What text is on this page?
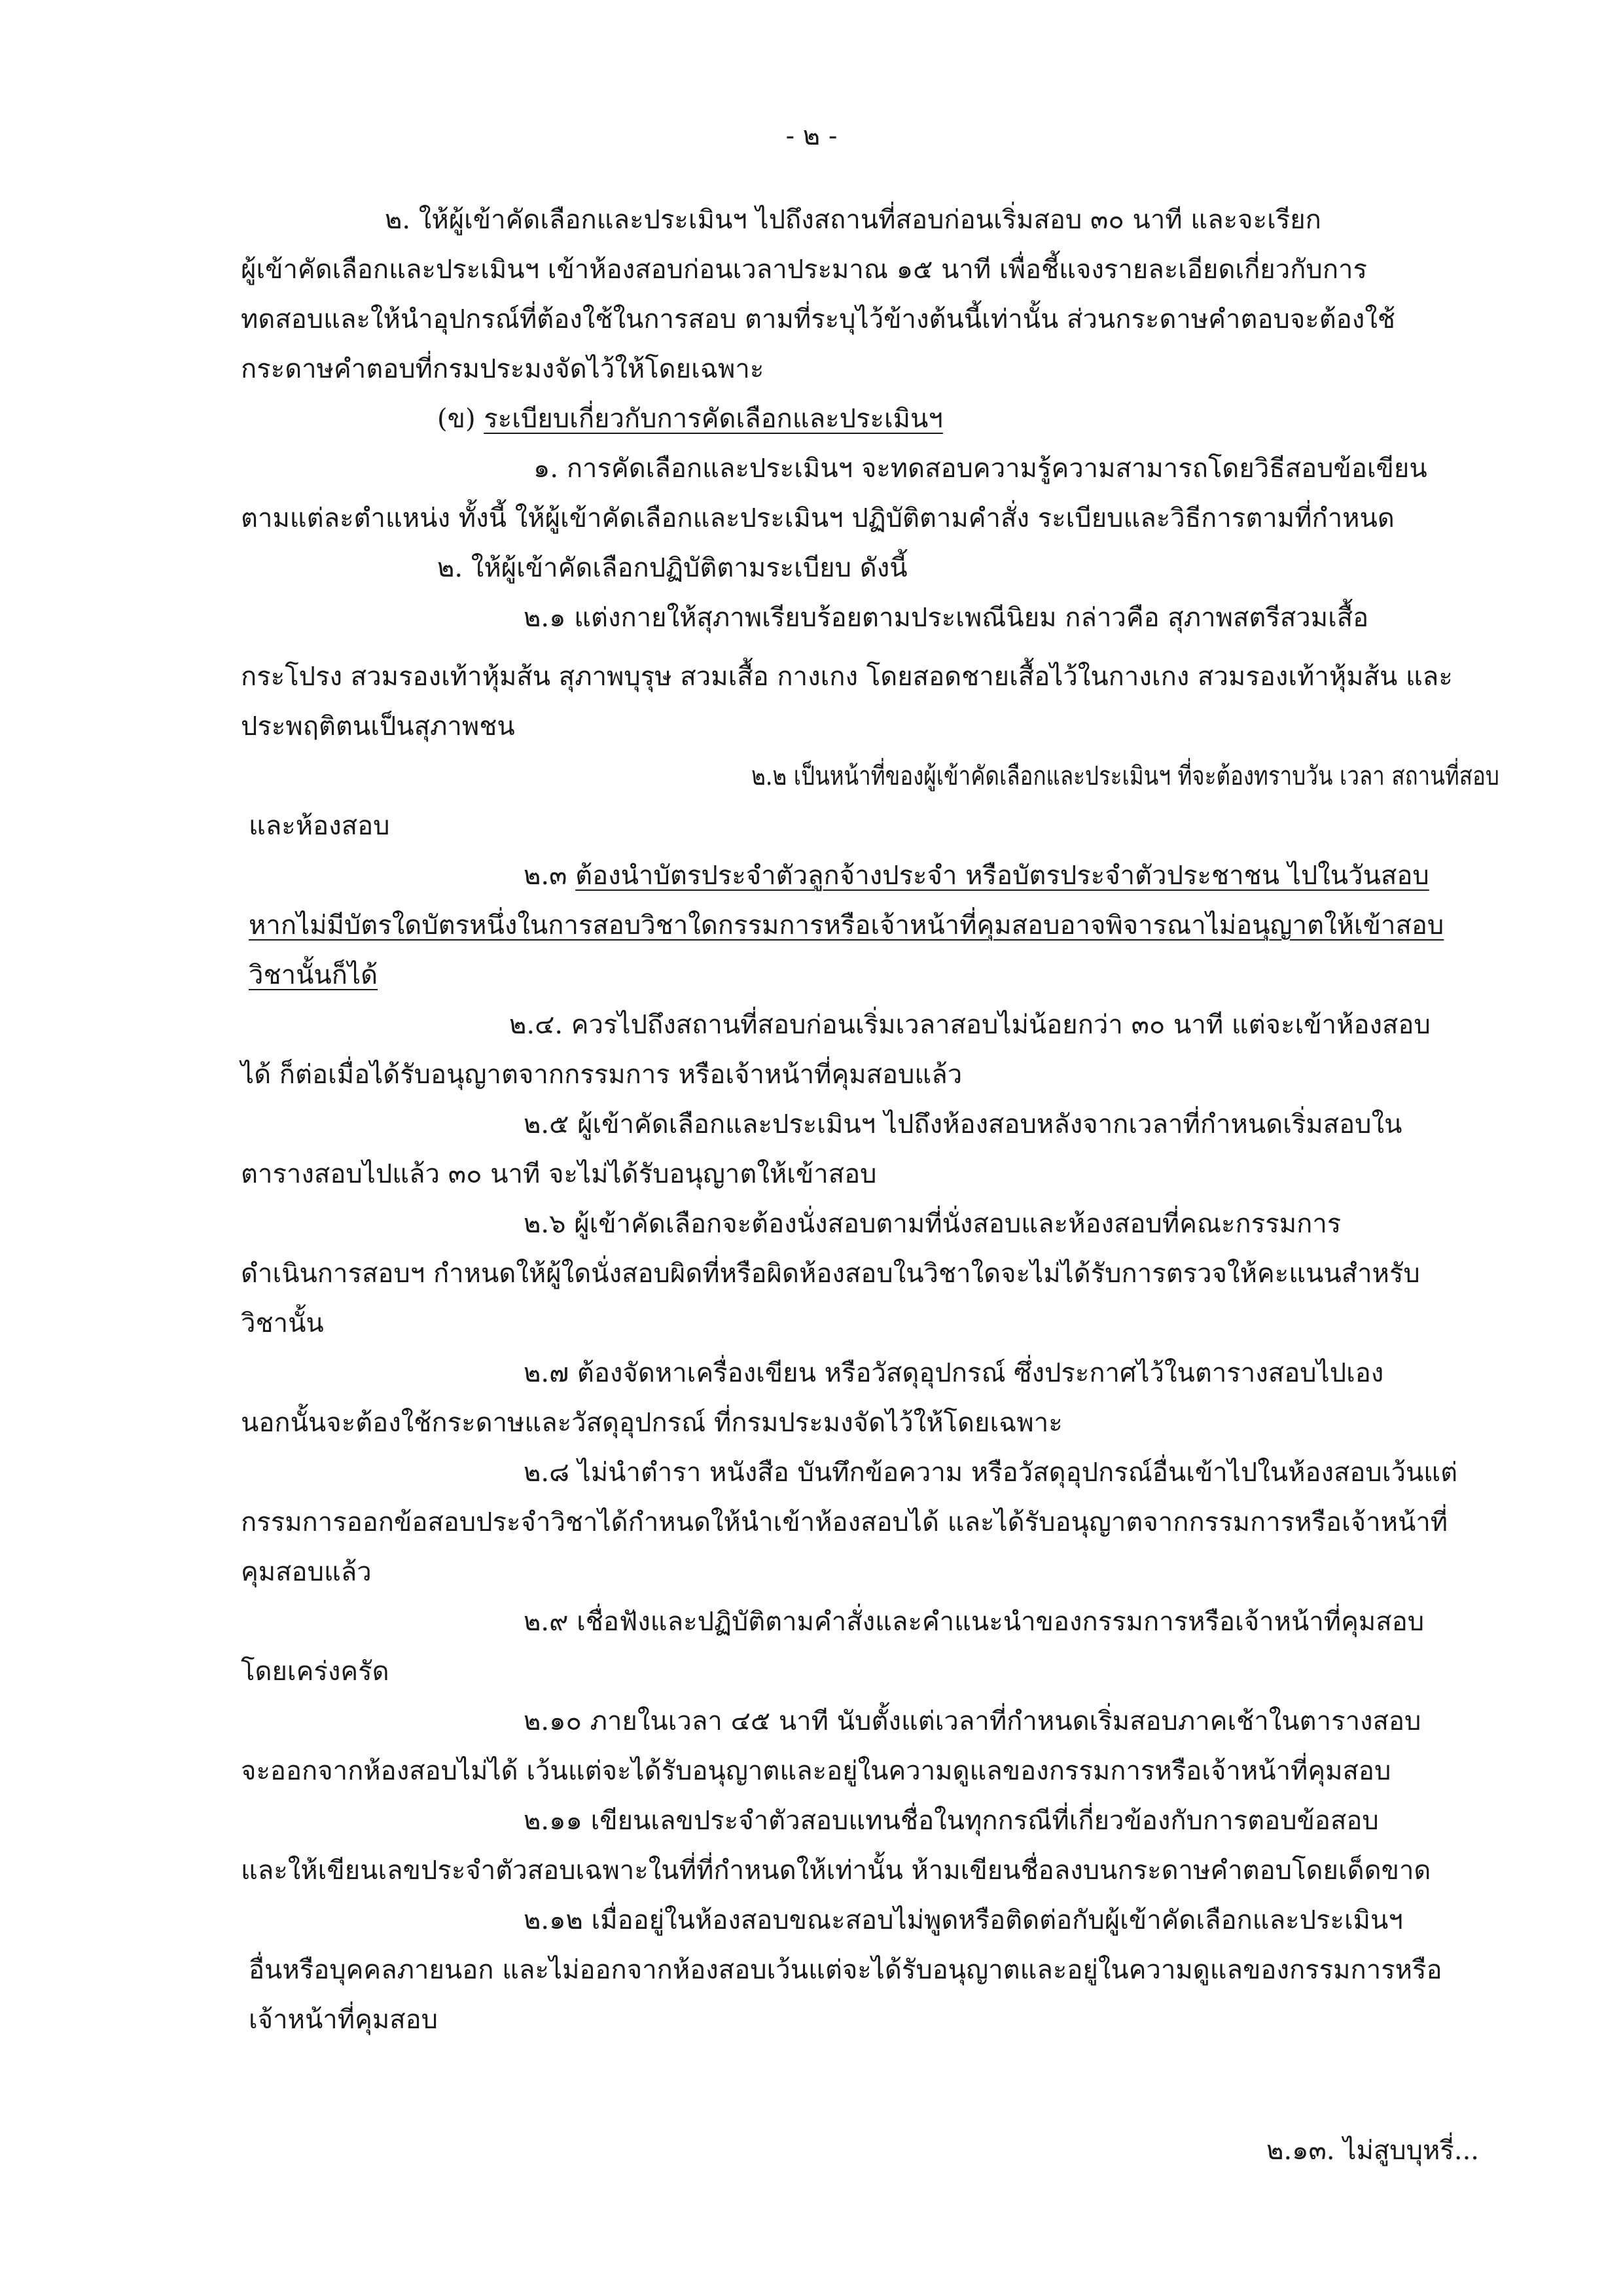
- ๒ -
๒. ให้ผู้เข้าคัดเลือกและประเมินฯ ไปถึงสถานที่สอบก่อนเริ่มสอบ ๓๐ นาที และจะเรียก
ผู้เข้าคัดเลือกและประเมินฯ เข้าห้องสอบก่อนเวลาประมาณ ๑๕ นาที เพื่อชี้แจงรายละเอียดเกี่ยวกับการ
ทดสอบและให้นำอุปกรณ์ที่ต้องใช้ในการสอบ ตามที่ระบุไว้ข้างต้นนี้เท่านั้น ส่วนกระดาษคำตอบจะต้องใช้
กระดาษคำตอบที่กรมประมงจัดไว้ให้โดยเฉพาะ
(ข) ระเบียบเกี่ยวกับการคัดเลือกและประเมินฯ
๑. การคัดเลือกและประเมินฯ จะทดสอบความรู้ความสามารถโดยวิธีสอบข้อเขียน
ตามแต่ละตำแหน่ง ทั้งนี้ ให้ผู้เข้าคัดเลือกและประเมินฯ ปฏิบัติตามคำสั่ง ระเบียบและวิธีการตามที่กำหนด
๒. ให้ผู้เข้าคัดเลือกปฏิบัติตามระเบียบ ดังนี้
๒.๑ แต่งกายให้สุภาพเรียบร้อยตามประเพณีนิยม กล่าวคือ สุภาพสตรีสวมเสื้อ
กระโปรง สวมรองเท้าหุ้มส้น สุภาพบุรุษ สวมเสื้อ กางเกง โดยสอดชายเสื้อไว้ในกางเกง สวมรองเท้าหุ้มส้น และ
ประพฤติตนเป็นสุภาพชน
๒.๒ เป็นหน้าที่ของผู้เข้าคัดเลือกและประเมินฯ ที่จะต้องทราบวัน เวลา สถานที่สอบ
และห้องสอบ
๒.๓ ต้องนำบัตรประจำตัวลูกจ้างประจำ หรือบัตรประจำตัวประชาชน ไปในวันสอบ
หากไม่มีบัตรใดบัตรหนึ่งในการสอบวิชาใดกรรมการหรือเจ้าหน้าที่คุมสอบอาจพิจารณาไม่อนุญาตให้เข้าสอบ
วิชานั้นก็ได้
๒.๔. ควรไปถึงสถานที่สอบก่อนเริ่มเวลาสอบไม่น้อยกว่า ๓๐ นาที แต่จะเข้าห้องสอบ
ได้ ก็ต่อเมื่อได้รับอนุญาตจากกรรมการ หรือเจ้าหน้าที่คุมสอบแล้ว
๒.๕ ผู้เข้าคัดเลือกและประเมินฯ ไปถึงห้องสอบหลังจากเวลาที่กำหนดเริ่มสอบใน
ตารางสอบไปแล้ว ๓๐ นาที จะไม่ได้รับอนุญาตให้เข้าสอบ
๒.๖ ผู้เข้าคัดเลือกจะต้องนั่งสอบตามที่นั่งสอบและห้องสอบที่คณะกรรมการ
ดำเนินการสอบฯ กำหนดให้ผู้ใดนั่งสอบผิดที่หรือผิดห้องสอบในวิชาใดจะไม่ได้รับการตรวจให้คะแนนสำหรับ
วิชานั้น
๒.๗ ต้องจัดหาเครื่องเขียน หรือวัสดุอุปกรณ์ ซึ่งประกาศไว้ในตารางสอบไปเอง
นอกนั้นจะต้องใช้กระดาษและวัสดุอุปกรณ์ ที่กรมประมงจัดไว้ให้โดยเฉพาะ
๒.๘ ไม่นำตำรา หนังสือ บันทึกข้อความ หรือวัสดุอุปกรณ์อื่นเข้าไปในห้องสอบเว้นแต่
กรรมการออกข้อสอบประจำวิชาได้กำหนดให้นำเข้าห้องสอบได้ และได้รับอนุญาตจากกรรมการหรือเจ้าหน้าที่
คุมสอบแล้ว
๒.๙ เชื่อฟังและปฏิบัติตามคำสั่งและคำแนะนำของกรรมการหรือเจ้าหน้าที่คุมสอบ
โดยเคร่งครัด
๒.๑๐ ภายในเวลา ๔๕ นาที นับตั้งแต่เวลาที่กำหนดเริ่มสอบภาคเช้าในตารางสอบ
จะออกจากห้องสอบไม่ได้ เว้นแต่จะได้รับอนุญาตและอยู่ในความดูแลของกรรมการหรือเจ้าหน้าที่คุมสอบ
๒.๑๑ เขียนเลขประจำตัวสอบแทนชื่อในทุกกรณีที่เกี่ยวข้องกับการตอบข้อสอบ
และให้เขียนเลขประจำตัวสอบเฉพาะในที่ที่กำหนดให้เท่านั้น ห้ามเขียนชื่อลงบนกระดาษคำตอบโดยเด็ดขาด
๒.๑๒ เมื่ออยู่ในห้องสอบขณะสอบไม่พูดหรือติดต่อกับผู้เข้าคัดเลือกและประเมินฯ
อื่นหรือบุคคลภายนอก และไม่ออกจากห้องสอบเว้นแต่จะได้รับอนุญาตและอยู่ในความดูแลของกรรมการหรือ
เจ้าหน้าที่คุมสอบ
๒.๑๓. ไม่สูบบุหรี่...
